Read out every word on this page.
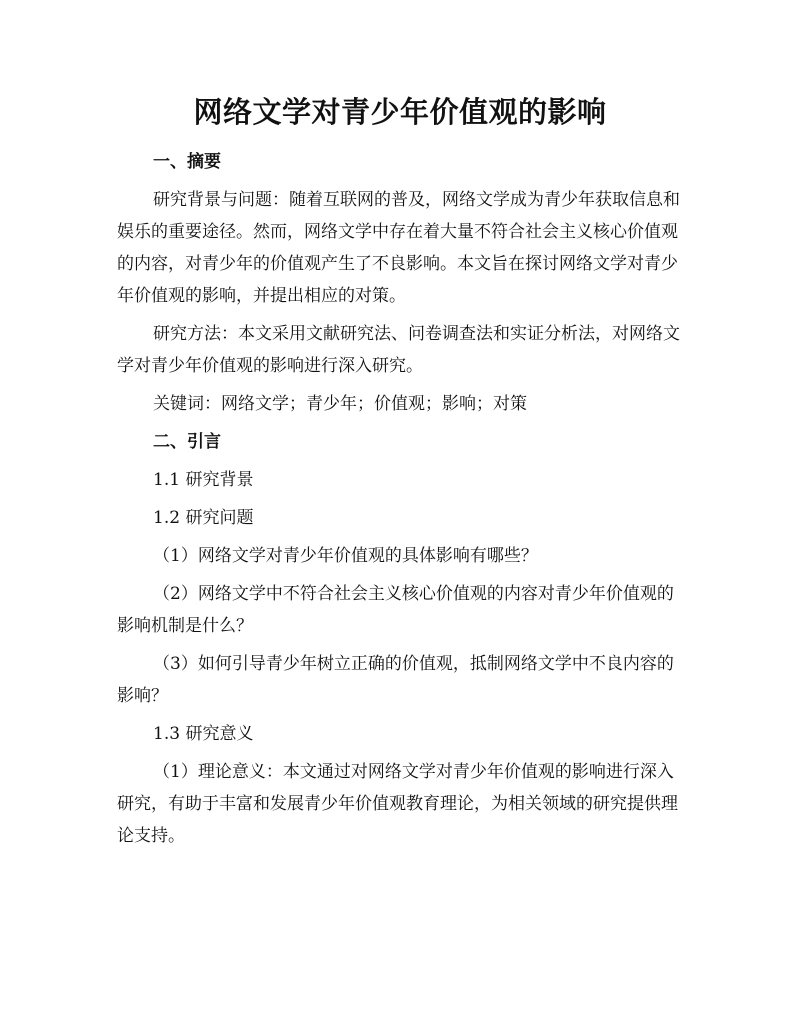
网络文学对青少年价值观的影响

一、摘要

研究背景与问题：随着互联网的普及，网络文学成为青少年获取信息和娱乐的重要途径。然而，网络文学中存在着大量不符合社会主义核心价值观的内容，对青少年的价值观产生了不良影响。本文旨在探讨网络文学对青少年价值观的影响，并提出相应的对策。

研究方法：本文采用文献研究法、问卷调查法和实证分析法，对网络文学对青少年价值观的影响进行深入研究。

关键词：网络文学；青少年；价值观；影响；对策

二、引言

1.1 研究背景

1.2 研究问题

（1）网络文学对青少年价值观的具体影响有哪些？

（2）网络文学中不符合社会主义核心价值观的内容对青少年价值观的影响机制是什么？

（3）如何引导青少年树立正确的价值观，抵制网络文学中不良内容的影响？

1.3 研究意义

（1）理论意义：本文通过对网络文学对青少年价值观的影响进行深入研究，有助于丰富和发展青少年价值观教育理论，为相关领域的研究提供理论支持。
